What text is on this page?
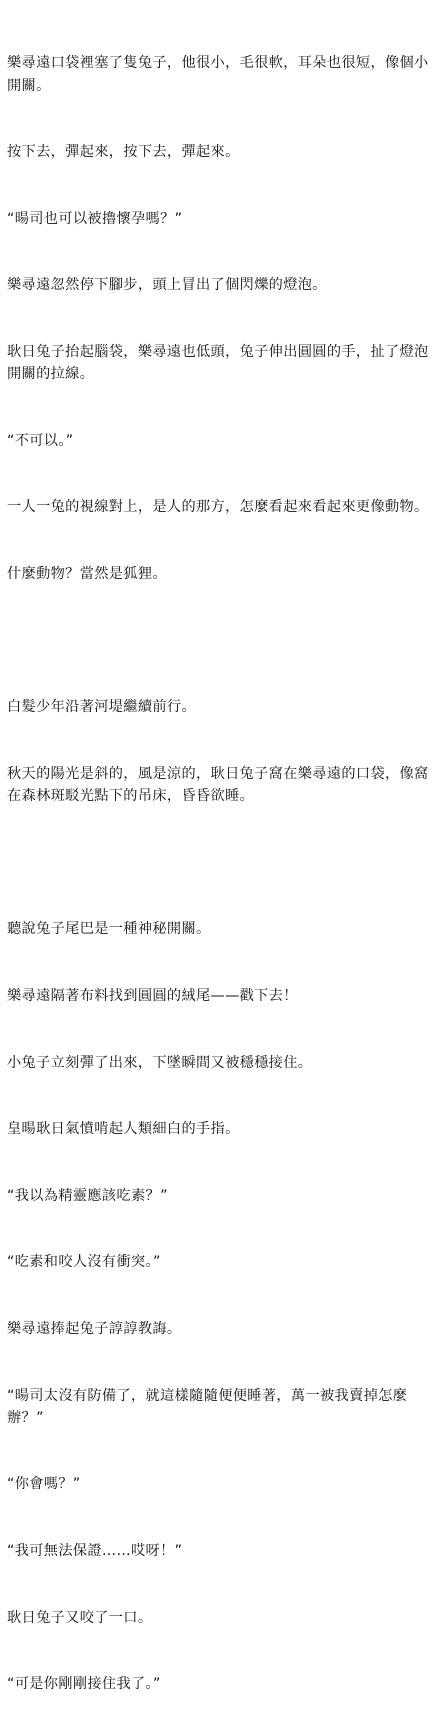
樂尋遠口袋裡塞了隻兔子，他很小，毛很軟，耳朵也很短，像個小開關。

按下去，彈起來，按下去，彈起來。

“暘司也可以被擼懷孕嗎？”

樂尋遠忽然停下腳步，頭上冒出了個閃爍的燈泡。

耿日兔子抬起腦袋，樂尋遠也低頭，兔子伸出圓圓的手，扯了燈泡開關的拉線。

“不可以。”

一人一兔的視線對上，是人的那方，怎麼看起來看起來更像動物。

什麼動物？當然是狐狸。

白髮少年沿著河堤繼續前行。

秋天的陽光是斜的，風是涼的，耿日兔子窩在樂尋遠的口袋，像窩在森林斑駁光點下的吊床，昏昏欲睡。

聽說兔子尾巴是一種神秘開關。

樂尋遠隔著布料找到圓圓的絨尾——戳下去！

小兔子立刻彈了出來，下墜瞬間又被穩穩接住。

皇暘耿日氣憤啃起人類細白的手指。

“我以為精靈應該吃素？”

“吃素和咬人沒有衝突。”

樂尋遠捧起兔子諄諄教誨。

“暘司太沒有防備了，就這樣隨隨便便睡著，萬一被我賣掉怎麼辦？”

“你會嗎？”

“我可無法保證……哎呀！”

耿日兔子又咬了一口。

“可是你剛剛接住我了。”
